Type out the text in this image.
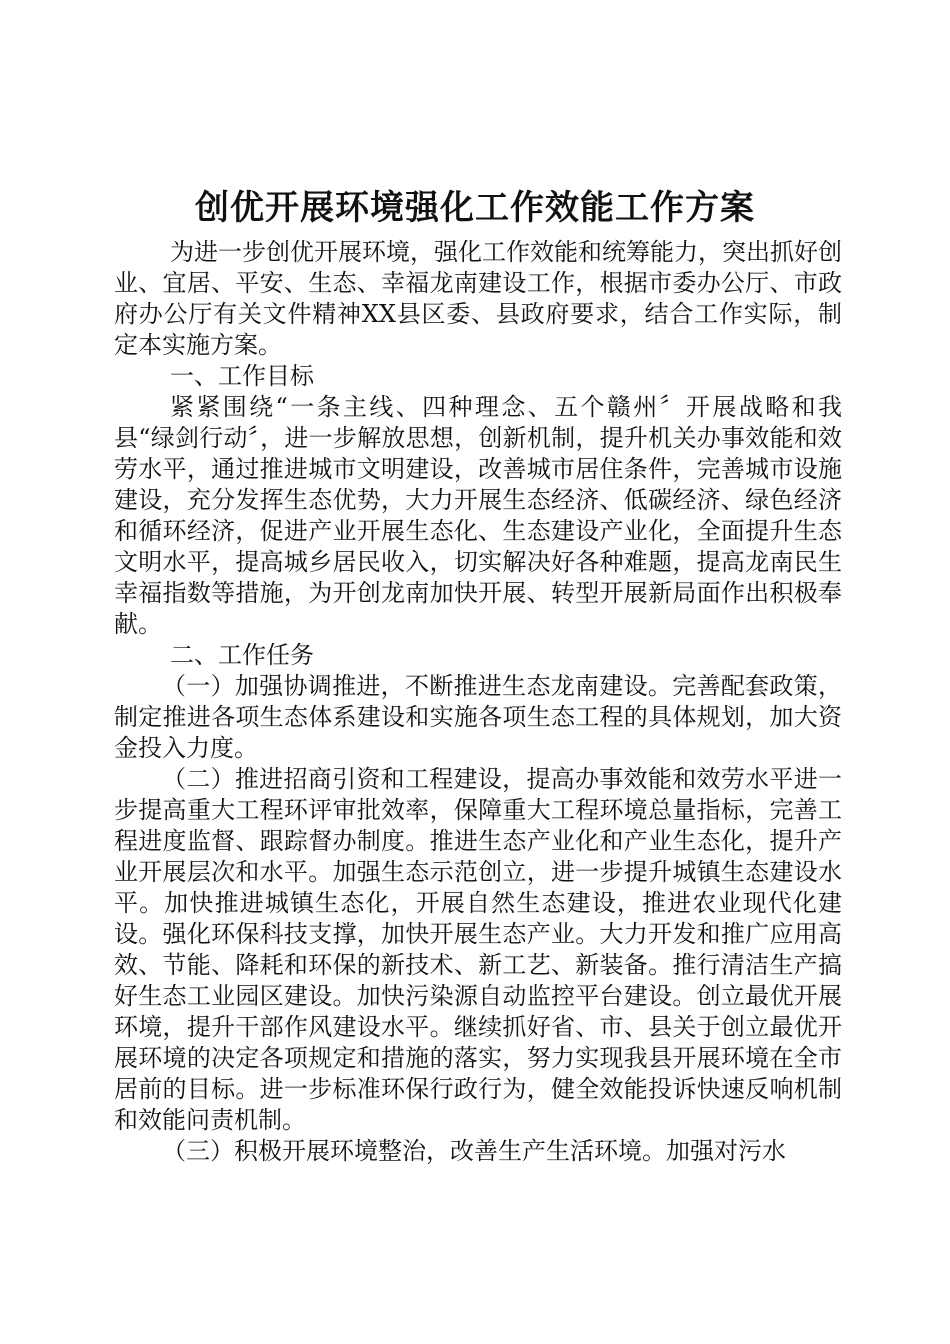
创优开展环境强化工作效能工作方案

为进一步创优开展环境，强化工作效能和统筹能力，突出抓好创业、宜居、平安、生态、幸福龙南建设工作，根据市委办公厅、市政府办公厅有关文件精神XX县区委、县政府要求，结合工作实际，制定本实施方案。

一、工作目标

紧紧围绕“一条主线、四种理念、五个赣州〞开展战略和我县“绿剑行动〞，进一步解放思想，创新机制，提升机关办事效能和效劳水平，通过推进城市文明建设，改善城市居住条件，完善城市设施建设，充分发挥生态优势，大力开展生态经济、低碳经济、绿色经济和循环经济，促进产业开展生态化、生态建设产业化，全面提升生态文明水平，提高城乡居民收入，切实解决好各种难题，提高龙南民生幸福指数等措施，为开创龙南加快开展、转型开展新局面作出积极奉献。

二、工作任务

（一）加强协调推进，不断推进生态龙南建设。完善配套政策，制定推进各项生态体系建设和实施各项生态工程的具体规划，加大资金投入力度。

（二）推进招商引资和工程建设，提高办事效能和效劳水平进一步提高重大工程环评审批效率，保障重大工程环境总量指标，完善工程进度监督、跟踪督办制度。推进生态产业化和产业生态化，提升产业开展层次和水平。加强生态示范创立，进一步提升城镇生态建设水平。加快推进城镇生态化，开展自然生态建设，推进农业现代化建设。强化环保科技支撑，加快开展生态产业。大力开发和推广应用高效、节能、降耗和环保的新技术、新工艺、新装备。推行清洁生产搞好生态工业园区建设。加快污染源自动监控平台建设。创立最优开展环境，提升干部作风建设水平。继续抓好省、市、县关于创立最优开展环境的决定各项规定和措施的落实，努力实现我县开展环境在全市居前的目标。进一步标准环保行政行为，健全效能投诉快速反响机制和效能问责机制。

（三）积极开展环境整治，改善生产生活环境。加强对污水
